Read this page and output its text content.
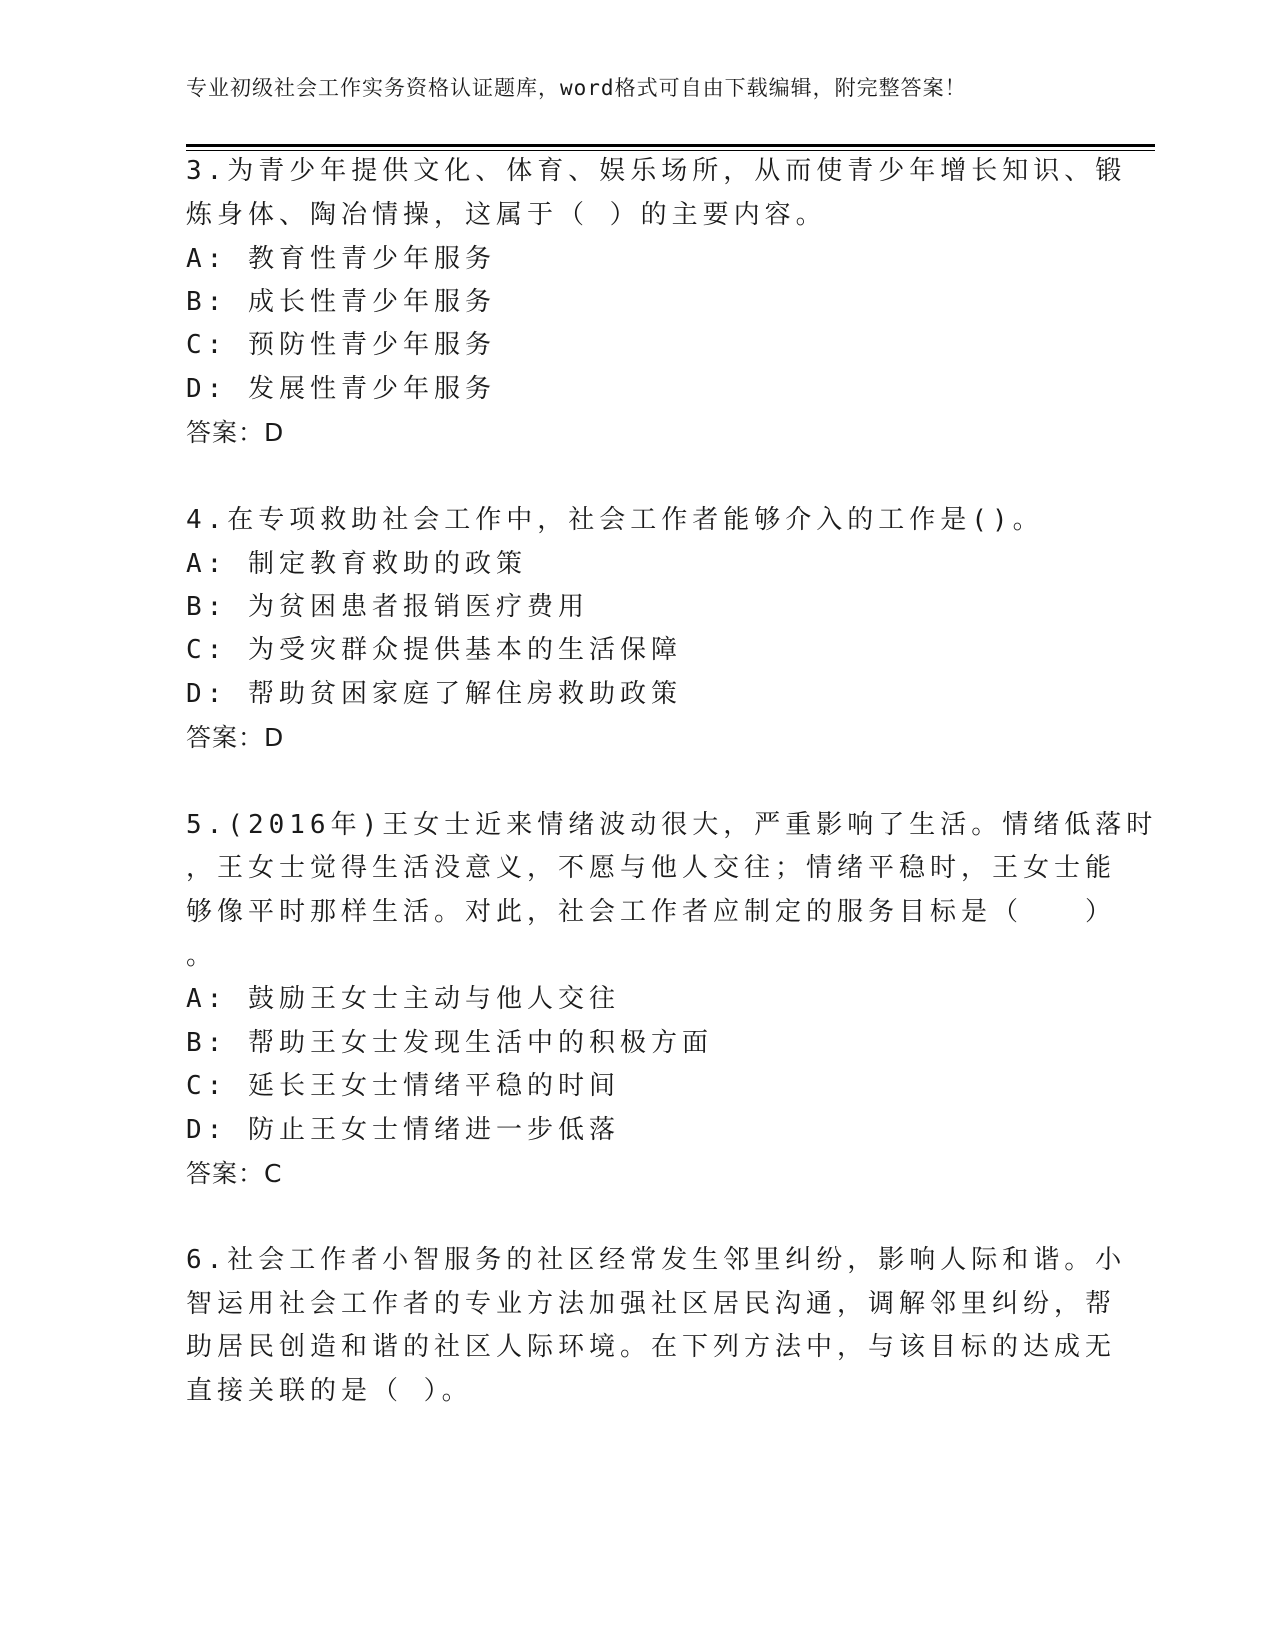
专业初级社会工作实务资格认证题库，word格式可自由下载编辑，附完整答案！
3.为青少年提供文化、体育、娱乐场所，从而使青少年增长知识、锻
炼身体、陶冶情操，这属于（ ）的主要内容。
A: 教育性青少年服务
B: 成长性青少年服务
C: 预防性青少年服务
D: 发展性青少年服务
答案：D
4.在专项救助社会工作中，社会工作者能够介入的工作是()。
A: 制定教育救助的政策
B: 为贫困患者报销医疗费用
C: 为受灾群众提供基本的生活保障
D: 帮助贫困家庭了解住房救助政策
答案：D
5.(2016年)王女士近来情绪波动很大，严重影响了生活。情绪低落时
，王女士觉得生活没意义，不愿与他人交往；情绪平稳时，王女士能
够像平时那样生活。对此，社会工作者应制定的服务目标是（　　）
。
A: 鼓励王女士主动与他人交往
B: 帮助王女士发现生活中的积极方面
C: 延长王女士情绪平稳的时间
D: 防止王女士情绪进一步低落
答案：C
6.社会工作者小智服务的社区经常发生邻里纠纷，影响人际和谐。小
智运用社会工作者的专业方法加强社区居民沟通，调解邻里纠纷，帮
助居民创造和谐的社区人际环境。在下列方法中，与该目标的达成无
直接关联的是（ ）。
